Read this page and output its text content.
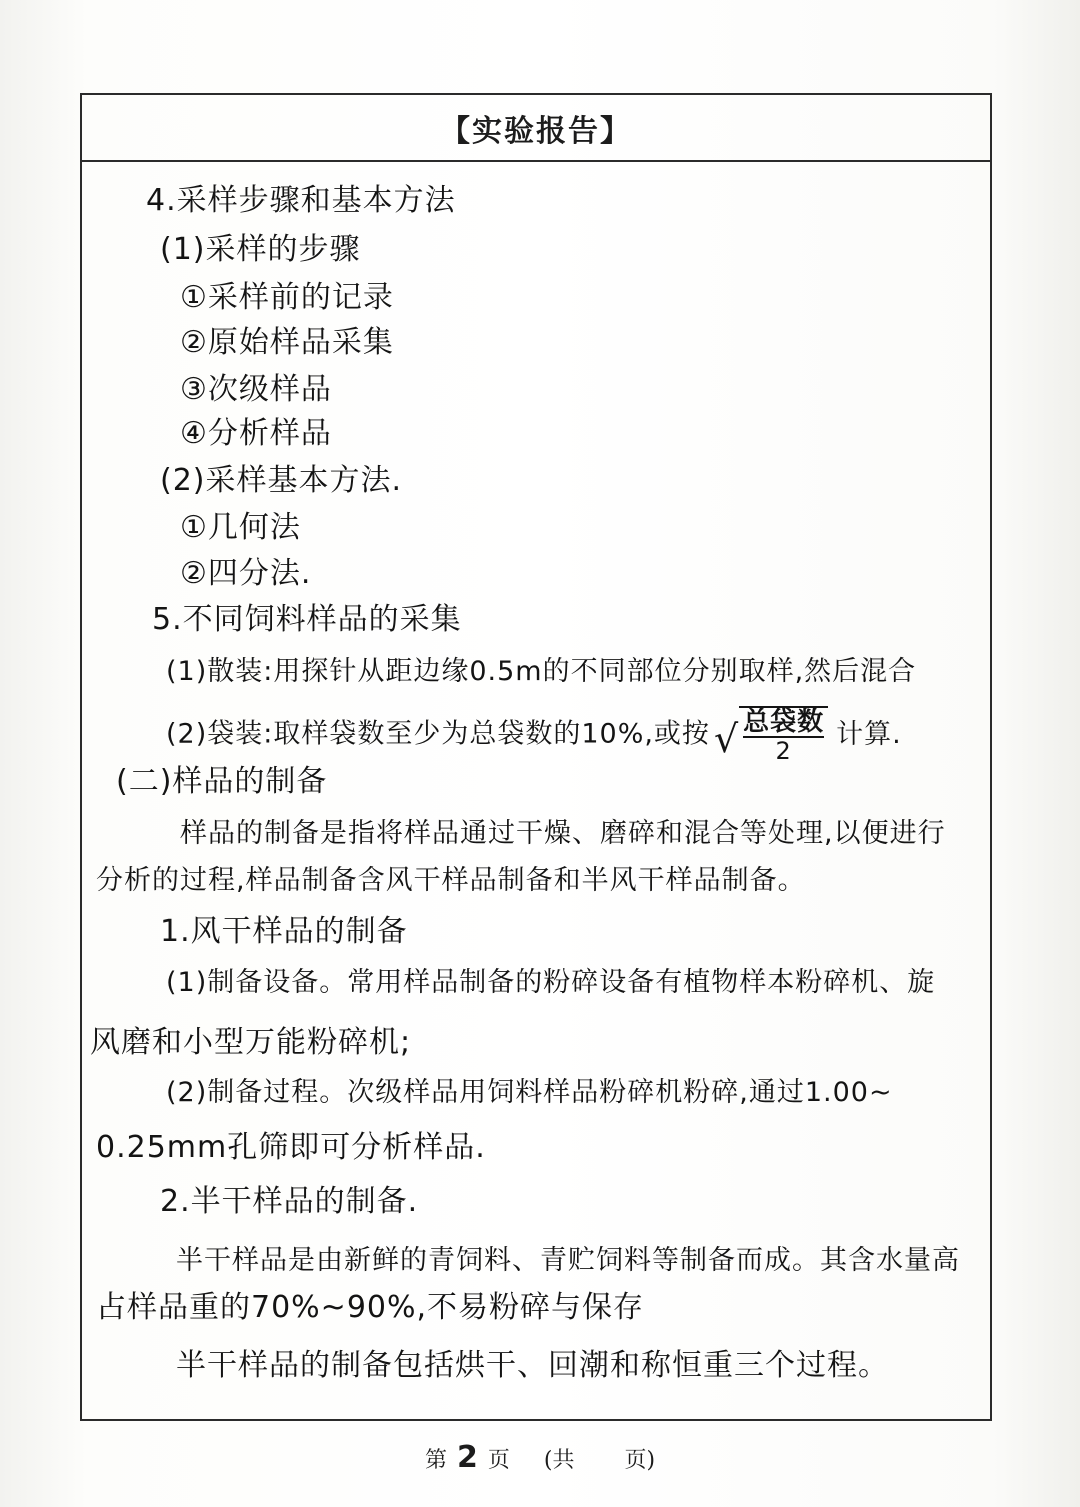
【实验报告】
4.采样步骤和基本方法
(1)采样的步骤
①采样前的记录
②原始样品采集
③次级样品
④分析样品
(2)采样基本方法.
①几何法
②四分法.
5.不同饲料样品的采集
(1)散装:用探针从距边缘0.5m的不同部位分别取样,然后混合
(2)袋装:取样袋数至少为总袋数的10%,或按 √ $\frac{\text{总袋数}}{2}$ 计算.
(二)样品的制备
样品的制备是指将样品通过干燥、磨碎和混合等处理,以便进行
分析的过程,样品制备含风干样品制备和半风干样品制备。
1.风干样品的制备
(1)制备设备。常用样品制备的粉碎设备有植物样本粉碎机、旋
风磨和小型万能粉碎机;
(2)制备过程。次级样品用饲料样品粉碎机粉碎,通过1.00~
0.25mm孔筛即可分析样品.
2.半干样品的制备.
半干样品是由新鲜的青饲料、青贮饲料等制备而成。其含水量高
占样品重的70%~90%,不易粉碎与保存
半干样品的制备包括烘干、回潮和称恒重三个过程。
第 2 页 (共 页)
